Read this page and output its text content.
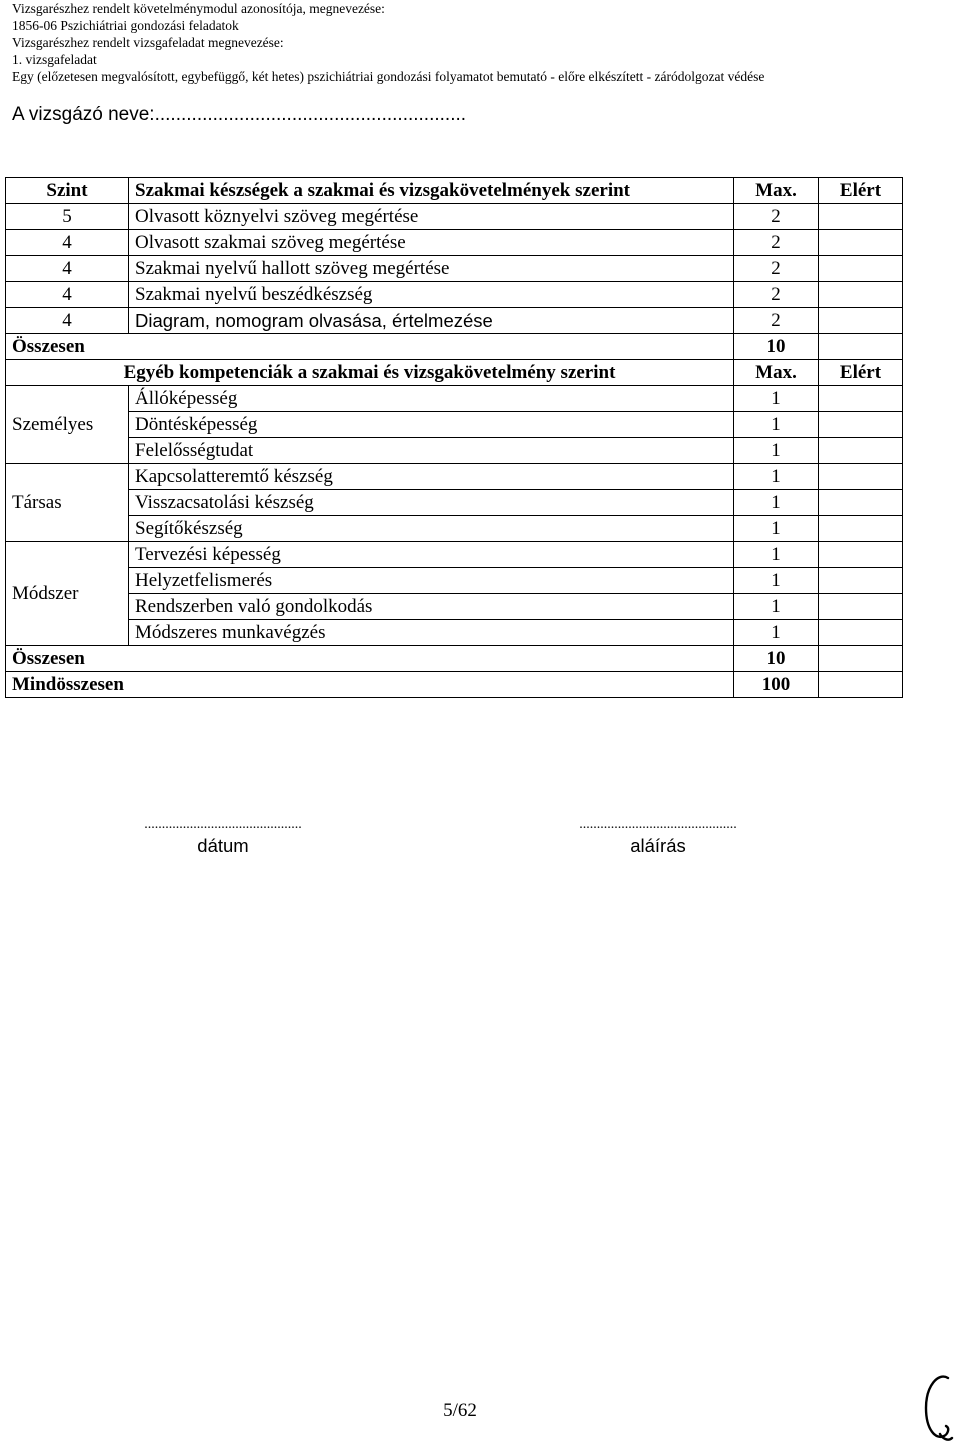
Vizsgarészhez rendelt követelménymodul azonosítója, megnevezése:
1856-06 Pszichiátriai gondozási feladatok
Vizsgarészhez rendelt vizsgafeladat megnevezése:
1. vizsgafeladat
Egy (előzetesen megvalósított, egybefüggő, két hetes) pszichiátriai gondozási folyamatot bemutató - előre elkészített - záródolgozat védése
A vizsgázó neve:...........................................................
Szint	Szakmai készségek a szakmai és vizsgakövetelmények szerint	Max.	Elért
5	Olvasott köznyelvi szöveg megértése	2	
4	Olvasott szakmai szöveg megértése	2	
4	Szakmai nyelvű hallott szöveg megértése	2	
4	Szakmai nyelvű beszédkészség	2	
4	Diagram, nomogram olvasása, értelmezése	2	
Összesen		10	
Egyéb kompetenciák a szakmai és vizsgakövetelmény szerint		Max.	Elért
Személyes	Állóképesség	1	
	Döntésképesség	1	
	Felelősségtudat	1	
Társas	Kapcsolatteremtő készség	1	
	Visszacsatolási készség	1	
	Segítőkészség	1	
Módszer	Tervezési képesség	1	
	Helyzetfelismerés	1	
	Rendszerben való gondolkodás	1	
	Módszeres munkavégzés	1	
Összesen		10	
Mindösszesen		100	
.............................................
dátum
.............................................
aláírás
5/62
